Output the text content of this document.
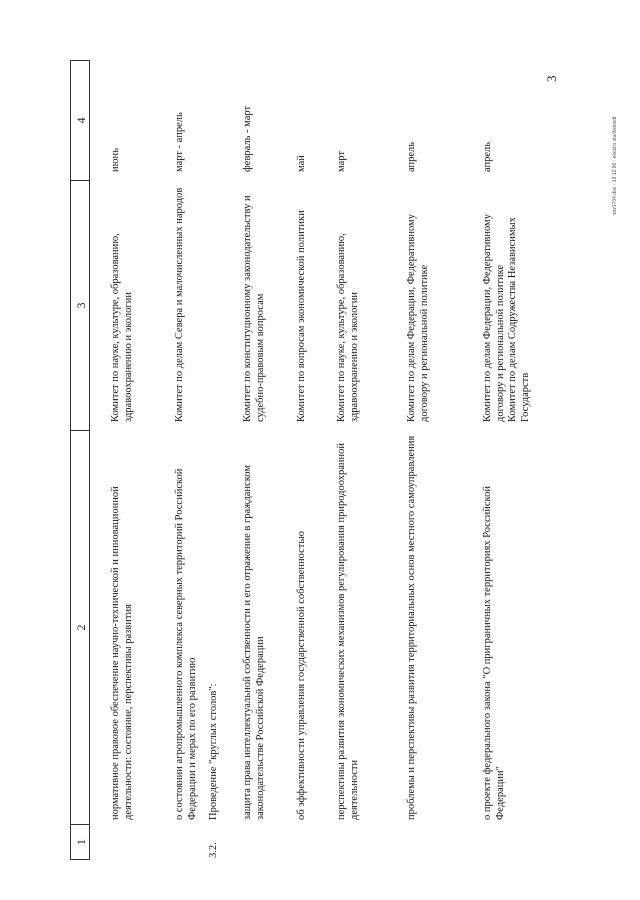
1
2
3
4
нормативное правовое обеспечение научно-технической и инновационной деятельности: состояние, перспективы развития
Комитет по науке, культуре, образованию, здравоохранению и экологии
июнь
о состоянии агропромышленного комплекса северных территорий Российской Федерации и мерах по его развитию
Комитет по делам Севера и малочисленных народов
март - апрель
3.2.
Проведение "круглых столов": защита права интеллектуальной собственности и его отражение в гражданском законодательстве Российской Федерации
Комитет по конституционному законодательству и судебно-правовым вопросам
февраль - март
об эффективности управления государственной собственностью
Комитет по вопросам экономической политики
май
перспективы развития экономических механизмов регулирования природоохранной деятельности
Комитет по науке, культуре, образованию, здравоохранению и экологии
март
проблемы и перспективы развития территориальных основ местного самоуправления
Комитет по делам Федерации, Федеративному договору и региональной политике
апрель
о проекте федерального закона "О приграничных территориях Российской Федерации"
Комитет по делам Федерации, Федеративному договору и региональной политике
Комитет по делам Содружества Независимых Государств
апрель
3
sov1704.doc · 19.12.96 · ekcelin.sta/ilistosdt
